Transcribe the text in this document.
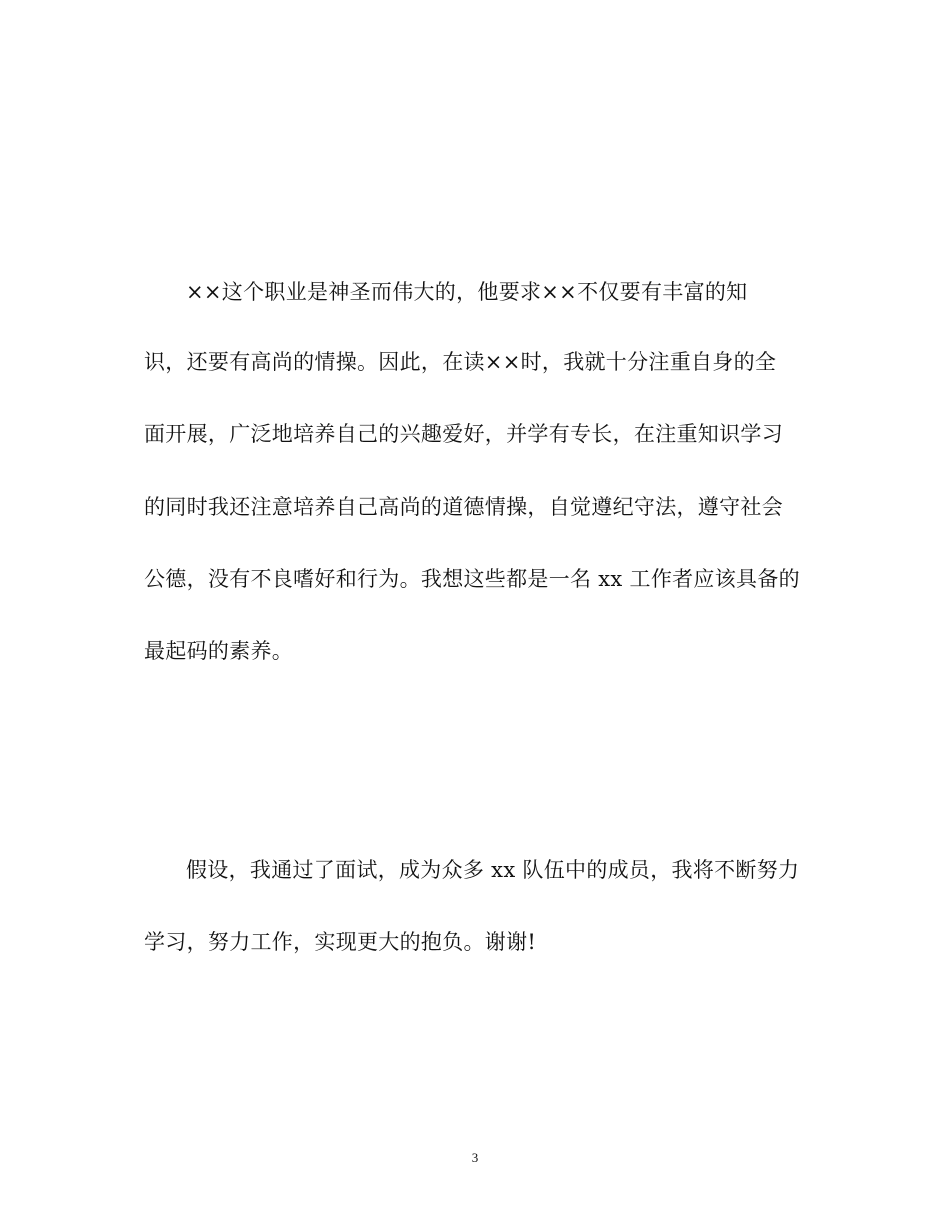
××这个职业是神圣而伟大的，他要求××不仅要有丰富的知
识，还要有高尚的情操。因此，在读××时，我就十分注重自身的全
面开展，广泛地培养自己的兴趣爱好，并学有专长，在注重知识学习
的同时我还注意培养自己高尚的道德情操，自觉遵纪守法，遵守社会
公德，没有不良嗜好和行为。我想这些都是一名 xx 工作者应该具备的
最起码的素养。
假设，我通过了面试，成为众多 xx 队伍中的成员，我将不断努力
学习，努力工作，实现更大的抱负。谢谢!
3
